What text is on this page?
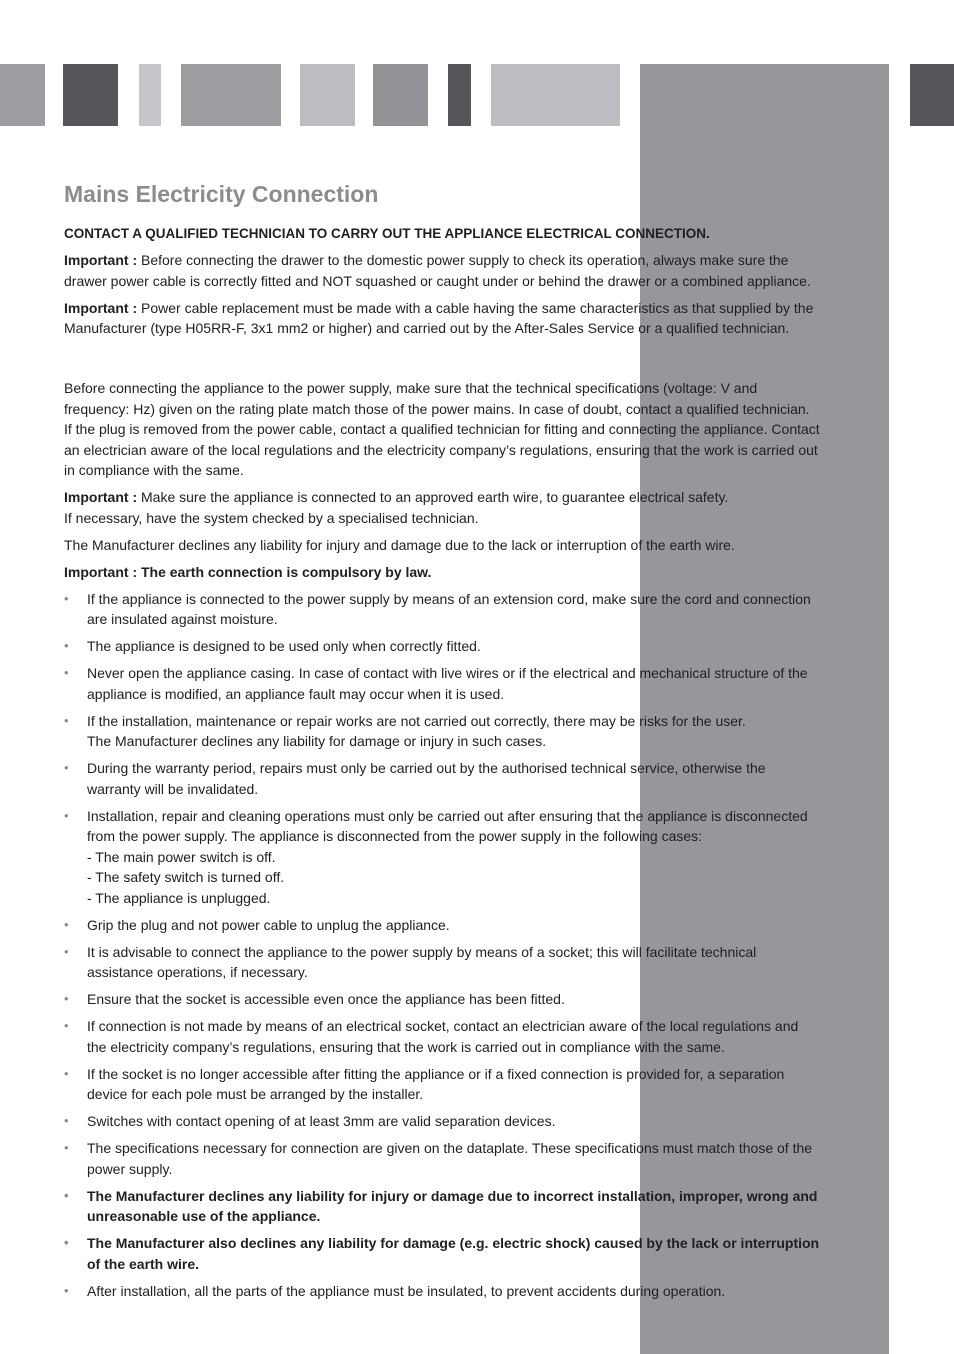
Mains Electricity Connection

CONTACT A QUALIFIED TECHNICIAN TO CARRY OUT THE APPLIANCE ELECTRICAL CONNECTION.

Important : Before connecting the drawer to the domestic power supply to check its operation, always make sure the drawer power cable is correctly fitted and NOT squashed or caught under or behind the drawer or a combined appliance.

Important : Power cable replacement must be made with a cable having the same characteristics as that supplied by the Manufacturer (type H05RR-F, 3x1 mm2 or higher) and carried out by the After-Sales Service or a qualified technician.

Before connecting the appliance to the power supply, make sure that the technical specifications (voltage: V and frequency: Hz) given on the rating plate match those of the power mains. In case of doubt, contact a qualified technician. If the plug is removed from the power cable, contact a qualified technician for fitting and connecting the appliance. Contact an electrician aware of the local regulations and the electricity company’s regulations, ensuring that the work is carried out in compliance with the same.

Important : Make sure the appliance is connected to an approved earth wire, to guarantee electrical safety.
If necessary, have the system checked by a specialised technician.

The Manufacturer declines any liability for injury and damage due to the lack or interruption of the earth wire.

Important : The earth connection is compulsory by law.

• If the appliance is connected to the power supply by means of an extension cord, make sure the cord and connection are insulated against moisture.
• The appliance is designed to be used only when correctly fitted.
• Never open the appliance casing. In case of contact with live wires or if the electrical and mechanical structure of the appliance is modified, an appliance fault may occur when it is used.
• If the installation, maintenance or repair works are not carried out correctly, there may be risks for the user.
The Manufacturer declines any liability for damage or injury in such cases.
• During the warranty period, repairs must only be carried out by the authorised technical service, otherwise the warranty will be invalidated.
• Installation, repair and cleaning operations must only be carried out after ensuring that the appliance is disconnected from the power supply. The appliance is disconnected from the power supply in the following cases:
- The main power switch is off.
- The safety switch is turned off.
- The appliance is unplugged.
• Grip the plug and not power cable to unplug the appliance.
• It is advisable to connect the appliance to the power supply by means of a socket; this will facilitate technical assistance operations, if necessary.
• Ensure that the socket is accessible even once the appliance has been fitted.
• If connection is not made by means of an electrical socket, contact an electrician aware of the local regulations and the electricity company’s regulations, ensuring that the work is carried out in compliance with the same.
• If the socket is no longer accessible after fitting the appliance or if a fixed connection is provided for, a separation device for each pole must be arranged by the installer.
• Switches with contact opening of at least 3mm are valid separation devices.
• The specifications necessary for connection are given on the dataplate. These specifications must match those of the power supply.
• The Manufacturer declines any liability for injury or damage due to incorrect installation, improper, wrong and unreasonable use of the appliance.
• The Manufacturer also declines any liability for damage (e.g. electric shock) caused by the lack or interruption of the earth wire.
• After installation, all the parts of the appliance must be insulated, to prevent accidents during operation.
